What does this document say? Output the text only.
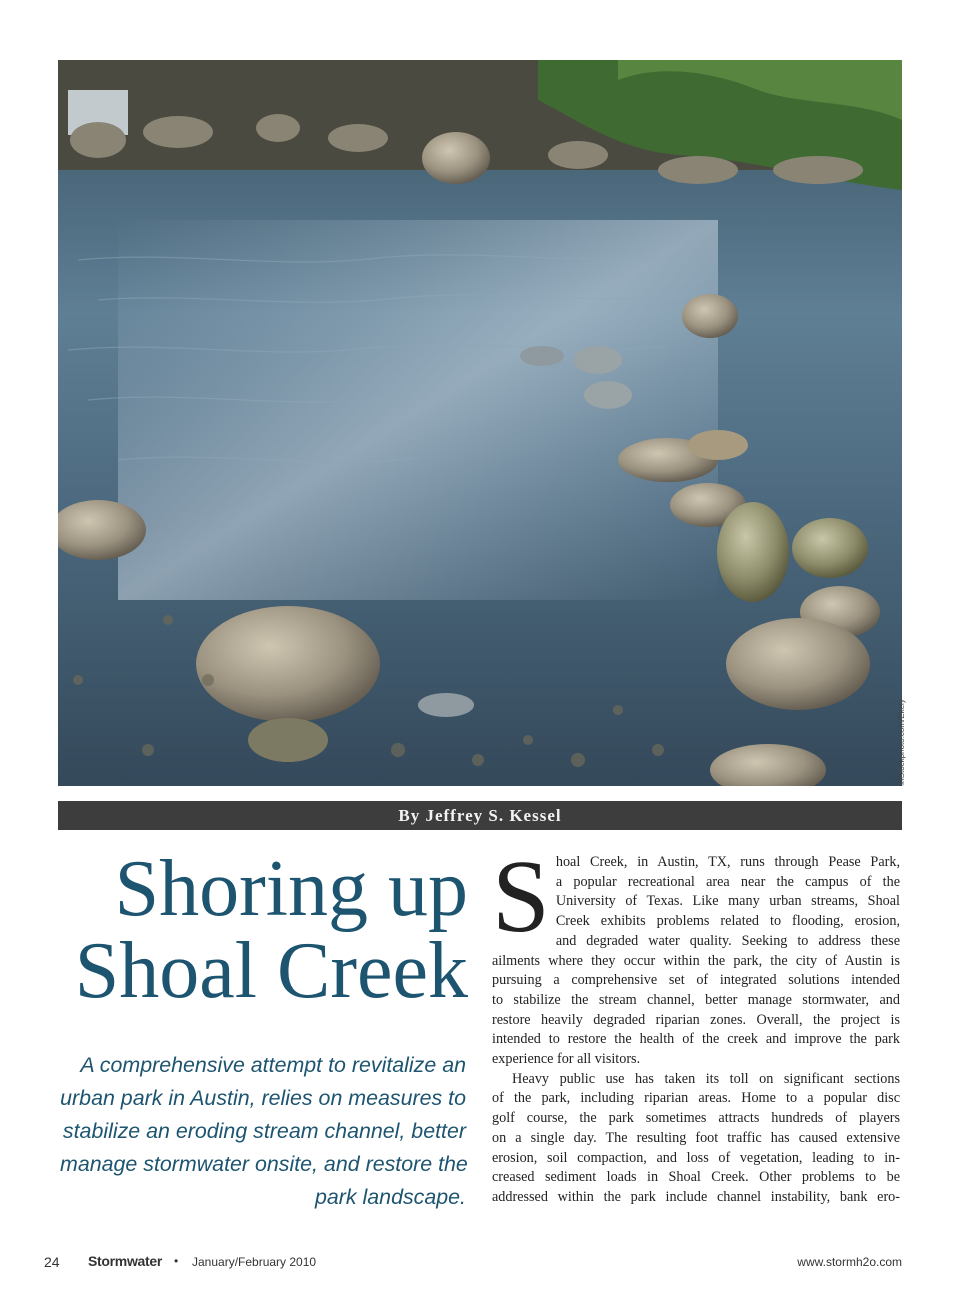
©iStockphoto.com/Ekely
By Jeffrey S. Kessel
Shoring up
Shoal Creek
A comprehensive attempt to revitalize an
urban park in Austin, relies on measures to
stabilize an eroding stream channel, better
manage stormwater onsite, and restore the
park landscape.
S hoal Creek, in Austin, TX, runs through Pease Park,
a popular recreational area near the campus of the
University of Texas. Like many urban streams, Shoal
Creek exhibits problems related to flooding, erosion,
and degraded water quality. Seeking to address these
ailments where they occur within the park, the city of Austin is
pursuing a comprehensive set of integrated solutions intended
to stabilize the stream channel, better manage stormwater, and
restore heavily degraded riparian zones. Overall, the project is
intended to restore the health of the creek and improve the park
experience for all visitors.
Heavy public use has taken its toll on significant sections
of the park, including riparian areas. Home to a popular disc
golf course, the park sometimes attracts hundreds of players
on a single day. The resulting foot traffic has caused extensive
erosion, soil compaction, and loss of vegetation, leading to in-
creased sediment loads in Shoal Creek. Other problems to be
addressed within the park include channel instability, bank ero-
24 Stormwater • January/February 2010	www.stormh2o.com
